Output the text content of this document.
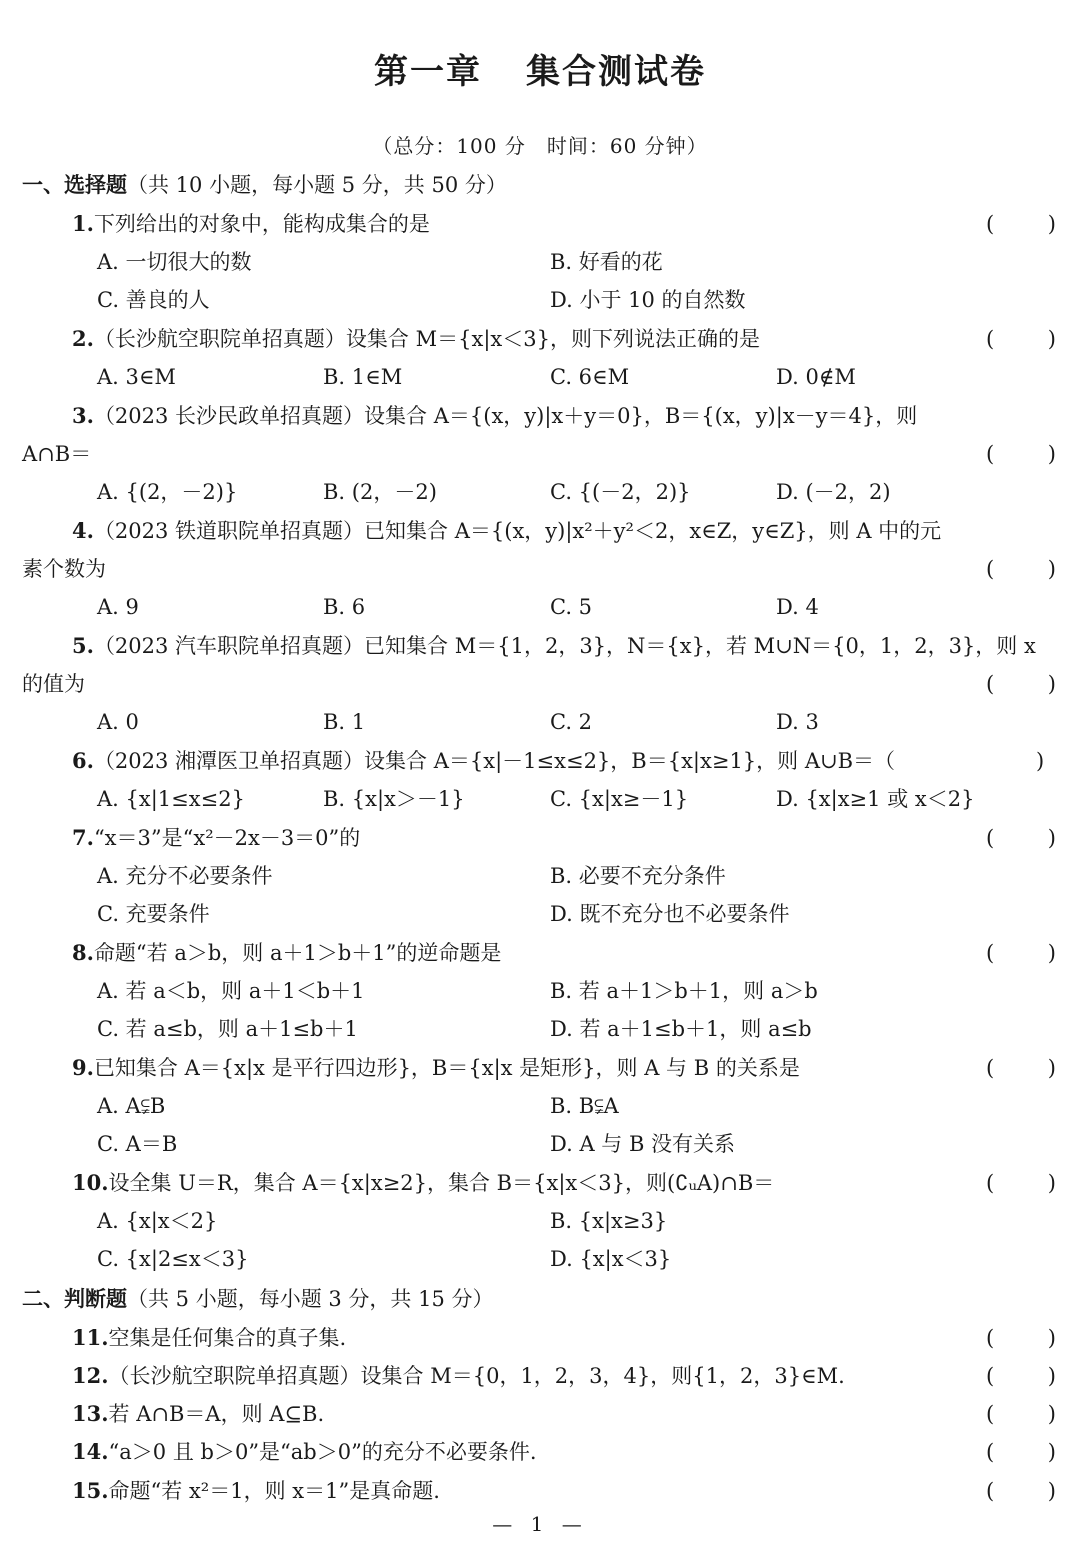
第一章 集合测试卷
（总分：100 分　时间：60 分钟）
一、选择题（共 10 小题，每小题 5 分，共 50 分）
1.下列给出的对象中，能构成集合的是	(	)
A. 一切很大的数	B. 好看的花
C. 善良的人	D. 小于 10 的自然数
2.（长沙航空职院单招真题）设集合 M＝{x|x＜3}，则下列说法正确的是	(	)
A. 3∈M	B. 1∈M	C. 6∈M	D. 0∉M
3.（2023 长沙民政单招真题）设集合 A＝{(x，y)|x＋y＝0}，B＝{(x，y)|x－y＝4}，则
A∩B＝	(	)
A. {(2，－2)}	B. (2，－2)	C. {(－2，2)}	D. (－2，2)
4.（2023 铁道职院单招真题）已知集合 A＝{(x，y)|x²＋y²＜2，x∈Z，y∈Z}，则 A 中的元
素个数为	(	)
A. 9	B. 6	C. 5	D. 4
5.（2023 汽车职院单招真题）已知集合 M＝{1，2，3}，N＝{x}，若 M∪N＝{0，1，2，3}，则 x
的值为	(	)
A. 0	B. 1	C. 2	D. 3
6.（2023 湘潭医卫单招真题）设集合 A＝{x|－1≤x≤2}，B＝{x|x≥1}，则 A∪B＝（	)
A. {x|1≤x≤2}	B. {x|x＞－1}	C. {x|x≥－1}	D. {x|x≥1 或 x＜2}
7.“x＝3”是“x²－2x－3＝0”的	(	)
A. 充分不必要条件	B. 必要不充分条件
C. 充要条件	D. 既不充分也不必要条件
8.命题“若 a＞b，则 a＋1＞b＋1”的逆命题是	(	)
A. 若 a＜b，则 a＋1＜b＋1	B. 若 a＋1＞b＋1，则 a＞b
C. 若 a≤b，则 a＋1≤b＋1	D. 若 a＋1≤b＋1，则 a≤b
9.已知集合 A＝{x|x 是平行四边形}，B＝{x|x 是矩形}，则 A 与 B 的关系是	(	)
A. A⫋B	B. B⫋A
C. A＝B	D. A 与 B 没有关系
10.设全集 U＝R，集合 A＝{x|x≥2}，集合 B＝{x|x＜3}，则(∁ᵤA)∩B＝	(	)
A. {x|x＜2}	B. {x|x≥3}
C. {x|2≤x＜3}	D. {x|x＜3}
二、判断题（共 5 小题，每小题 3 分，共 15 分）
11.空集是任何集合的真子集.	(	)
12.（长沙航空职院单招真题）设集合 M＝{0，1，2，3，4}，则{1，2，3}∈M.	(	)
13.若 A∩B＝A，则 A⊆B.	(	)
14.“a＞0 且 b＞0”是“ab＞0”的充分不必要条件.	(	)
15.命题“若 x²＝1，则 x＝1”是真命题.	(	)
— 1 —
